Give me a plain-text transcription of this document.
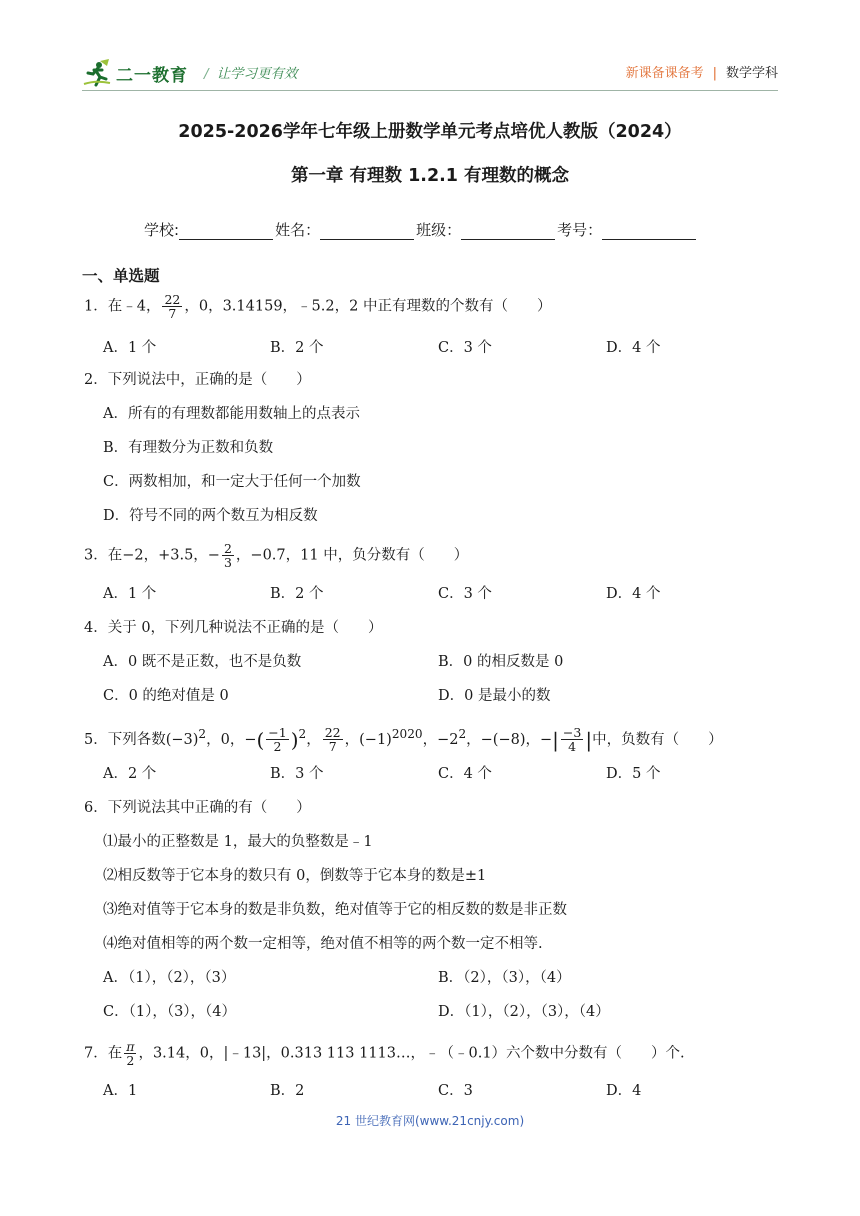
二一教育 / 让学习更有效	新课备课备考 | 数学学科
2025-2026学年七年级上册数学单元考点培优人教版（2024）
第一章 有理数 1.2.1 有理数的概念
学校:	姓名：	班级：	考号：
一、单选题
1．在﹣4， $\frac{22}{7}$ ，0，3.14159，﹣5.2，2 中正有理数的个数有（　　）
A．1 个	B．2 个	C．3 个	D．4 个
2．下列说法中，正确的是（　　）
A．所有的有理数都能用数轴上的点表示
B．有理数分为正数和负数
C．两数相加，和一定大于任何一个加数
D．符号不同的两个数互为相反数
3．在−2，+3.5，− $\frac{2}{3}$ ，−0.7，11 中，负分数有（　　）
A．1 个	B．2 个	C．3 个	D．4 个
4．关于 0，下列几种说法不正确的是（　　）
A．0 既不是正数，也不是负数	B．0 的相反数是 0
C．0 的绝对值是 0	D．0 是最小的数
5．下列各数$(-3)^2$，0，−( $\frac{-1}{2} )^2$， $\frac{22}{7}$ ，$(-1)^{2020}$，$-2^2$，−(−8)，−| $\frac{-3}{4}$ |中，负数有（　　）
A．2 个	B．3 个	C．4 个	D．5 个
6．下列说法其中正确的有（　　）
⑴最小的正整数是 1，最大的负整数是﹣1
⑵相反数等于它本身的数只有 0，倒数等于它本身的数是±1
⑶绝对值等于它本身的数是非负数，绝对值等于它的相反数的数是非正数
⑷绝对值相等的两个数一定相等，绝对值不相等的两个数一定不相等.
A．（1），（2），（3）	B．（2），（3），（4）
C．（1），（3），（4）	D．（1），（2），（3），（4）
7．在 $\frac{\pi}{2}$ ，3.14，0，|﹣13|，0.313 113 1113…，﹣（﹣0.1）六个数中分数有（　　）个.
A．1	B．2	C．3	D．4
21 世纪教育网(www.21cnjy.com)
